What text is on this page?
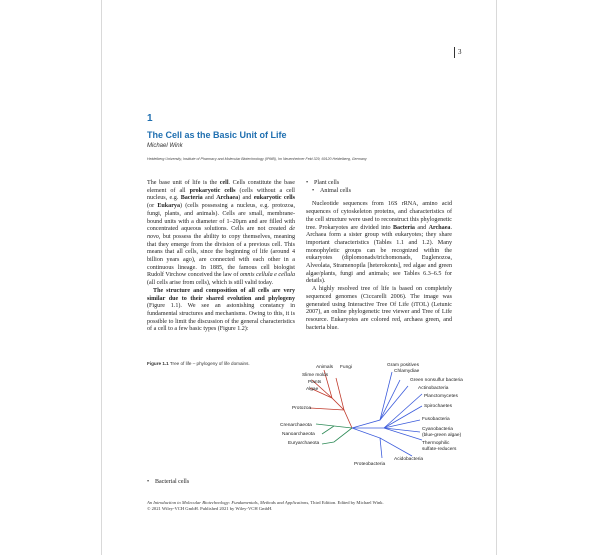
3
1
The Cell as the Basic Unit of Life
Michael Wink
Heidelberg University, Institute of Pharmacy and Molecular Biotechnology (IPMB), Im Neuenheimer Feld 329, 69120 Heidelberg, Germany

The base unit of life is the cell. Cells constitute the base element of all prokaryotic cells (cells without a cell nucleus, e.g. Bacteria and Archaea) and eukaryotic cells (or Eukarya) (cells possessing a nucleus, e.g. protozoa, fungi, plants, and animals). Cells are small, membrane-bound units with a diameter of 1–20μm and are filled with concentrated aqueous solutions. Cells are not created de novo, but possess the ability to copy themselves, meaning that they emerge from the division of a previous cell. This means that all cells, since the beginning of life (around 4 billion years ago), are connected with each other in a continuous lineage. In 1885, the famous cell biologist Rudolf Virchow conceived the law of omnis cellula e cellula (all cells arise from cells), which is still valid today.

The structure and composition of all cells are very similar due to their shared evolution and phylogeny (Figure 1.1). We see an astonishing constancy in fundamental structures and mechanisms. Owing to this, it is possible to limit the discussion of the general characteristics of a cell to a few basic types (Figure 1.2):

• Plant cells

• Animal cells

Nucleotide sequences from 16S rRNA, amino acid sequences of cytoskeleton proteins, and characteristics of the cell structure were used to reconstruct this phylogenetic tree. Prokaryotes are divided into Bacteria and Archaea. Archaea form a sister group with eukaryotes; they share important characteristics (Tables 1.1 and 1.2). Many monophyletic groups can be recognized within the eukaryotes (diplomonads/trichomonads, Euglenozoa, Alveolata, Stramenopila [heterokonts], red algae and green algae/plants, fungi and animals; see Tables 6.3–6.5 for details).

A highly resolved tree of life is based on completely sequenced genomes (Ciccarelli 2006). The image was generated using Interactive Tree Of Life (iTOL) (Letunic 2007), an online phylogenetic tree viewer and Tree of Life resource. Eukaryotes are colored red, archaea green, and bacteria blue.

Figure 1.1 Tree of life – phylogeny of life domains.
Animals Fungi	Gram positives
Chlamydiae
Slime molds
Plants
Algae
Green nonsulfur bacteria
Actinobacteria
Planctomycetes
Spirochaetes
Protozoa
Fusobacteria
Crenarchaeota
Nanoarchaeota
Cyanobacteria
(blue-green algae)
Euryarchaeota	Thermophilic
sulfate-reducers
Acidobacteria
Proteobacteria
• Bacterial cells
An Introduction to Molecular Biotechnology: Fundamentals, Methods and Applications, Third Edition. Edited by Michael Wink.
© 2021 Wiley-VCH GmbH. Published 2021 by Wiley-VCH GmbH.
